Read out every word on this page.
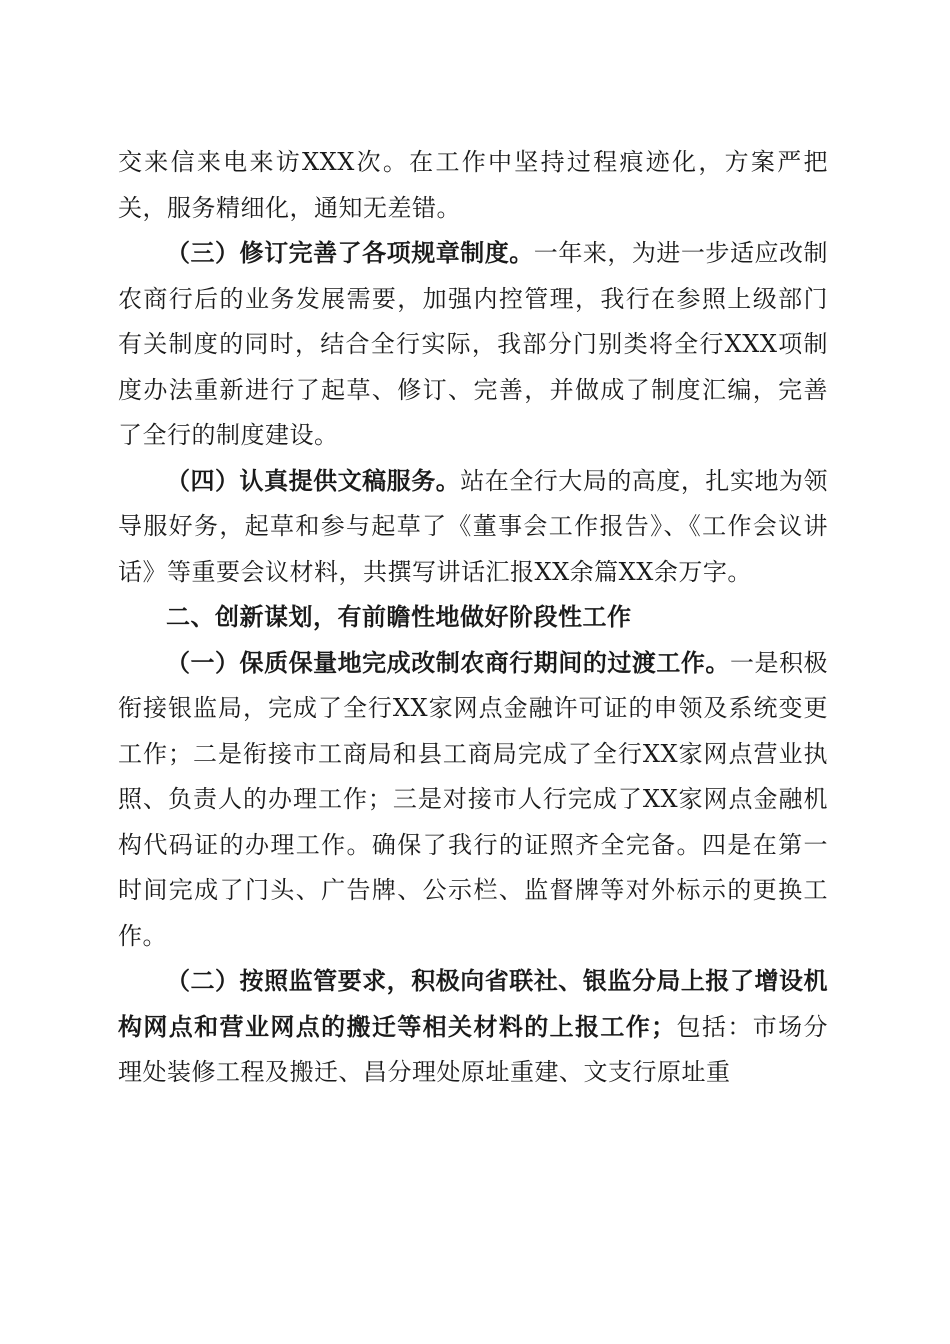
交来信来电来访XXX次。在工作中坚持过程痕迹化，方案严把关，服务精细化，通知无差错。

（三）修订完善了各项规章制度。一年来，为进一步适应改制农商行后的业务发展需要，加强内控管理，我行在参照上级部门有关制度的同时，结合全行实际，我部分门别类将全行XXX项制度办法重新进行了起草、修订、完善，并做成了制度汇编，完善了全行的制度建设。

（四）认真提供文稿服务。站在全行大局的高度，扎实地为领导服好务，起草和参与起草了《董事会工作报告》、《工作会议讲话》等重要会议材料，共撰写讲话汇报XX余篇XX余万字。

二、创新谋划，有前瞻性地做好阶段性工作

（一）保质保量地完成改制农商行期间的过渡工作。一是积极衔接银监局，完成了全行XX家网点金融许可证的申领及系统变更工作；二是衔接市工商局和县工商局完成了全行XX家网点营业执照、负责人的办理工作；三是对接市人行完成了XX家网点金融机构代码证的办理工作。确保了我行的证照齐全完备。四是在第一时间完成了门头、广告牌、公示栏、监督牌等对外标示的更换工作。

（二）按照监管要求，积极向省联社、银监分局上报了增设机构网点和营业网点的搬迁等相关材料的上报工作；包括：市场分理处装修工程及搬迁、昌分理处原址重建、文支行原址重
